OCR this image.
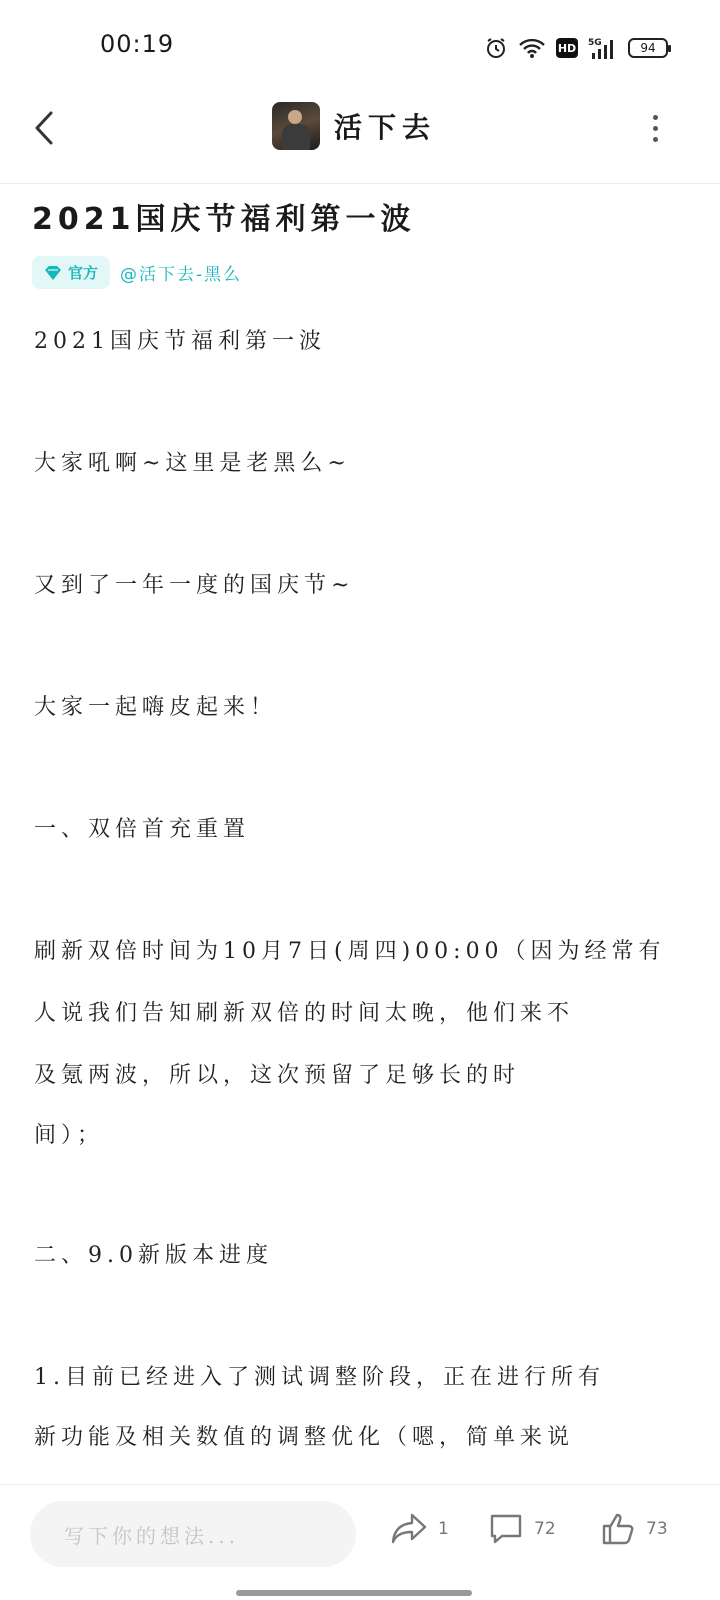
00:19	HD 5G	94
活下去
2021国庆节福利第一波
官方 @活下去-黑么
2021国庆节福利第一波
大家吼啊~这里是老黑么~
又到了一年一度的国庆节~
大家一起嗨皮起来！
一、双倍首充重置
刷新双倍时间为10月7日(周四)00:00（因为经常有
人说我们告知刷新双倍的时间太晚，他们来不
及氪两波，所以，这次预留了足够长的时
间）；
二、9.0新版本进度
1.目前已经进入了测试调整阶段，正在进行所有
新功能及相关数值的调整优化（嗯，简单来说
写下你的想法...	1	72	73
